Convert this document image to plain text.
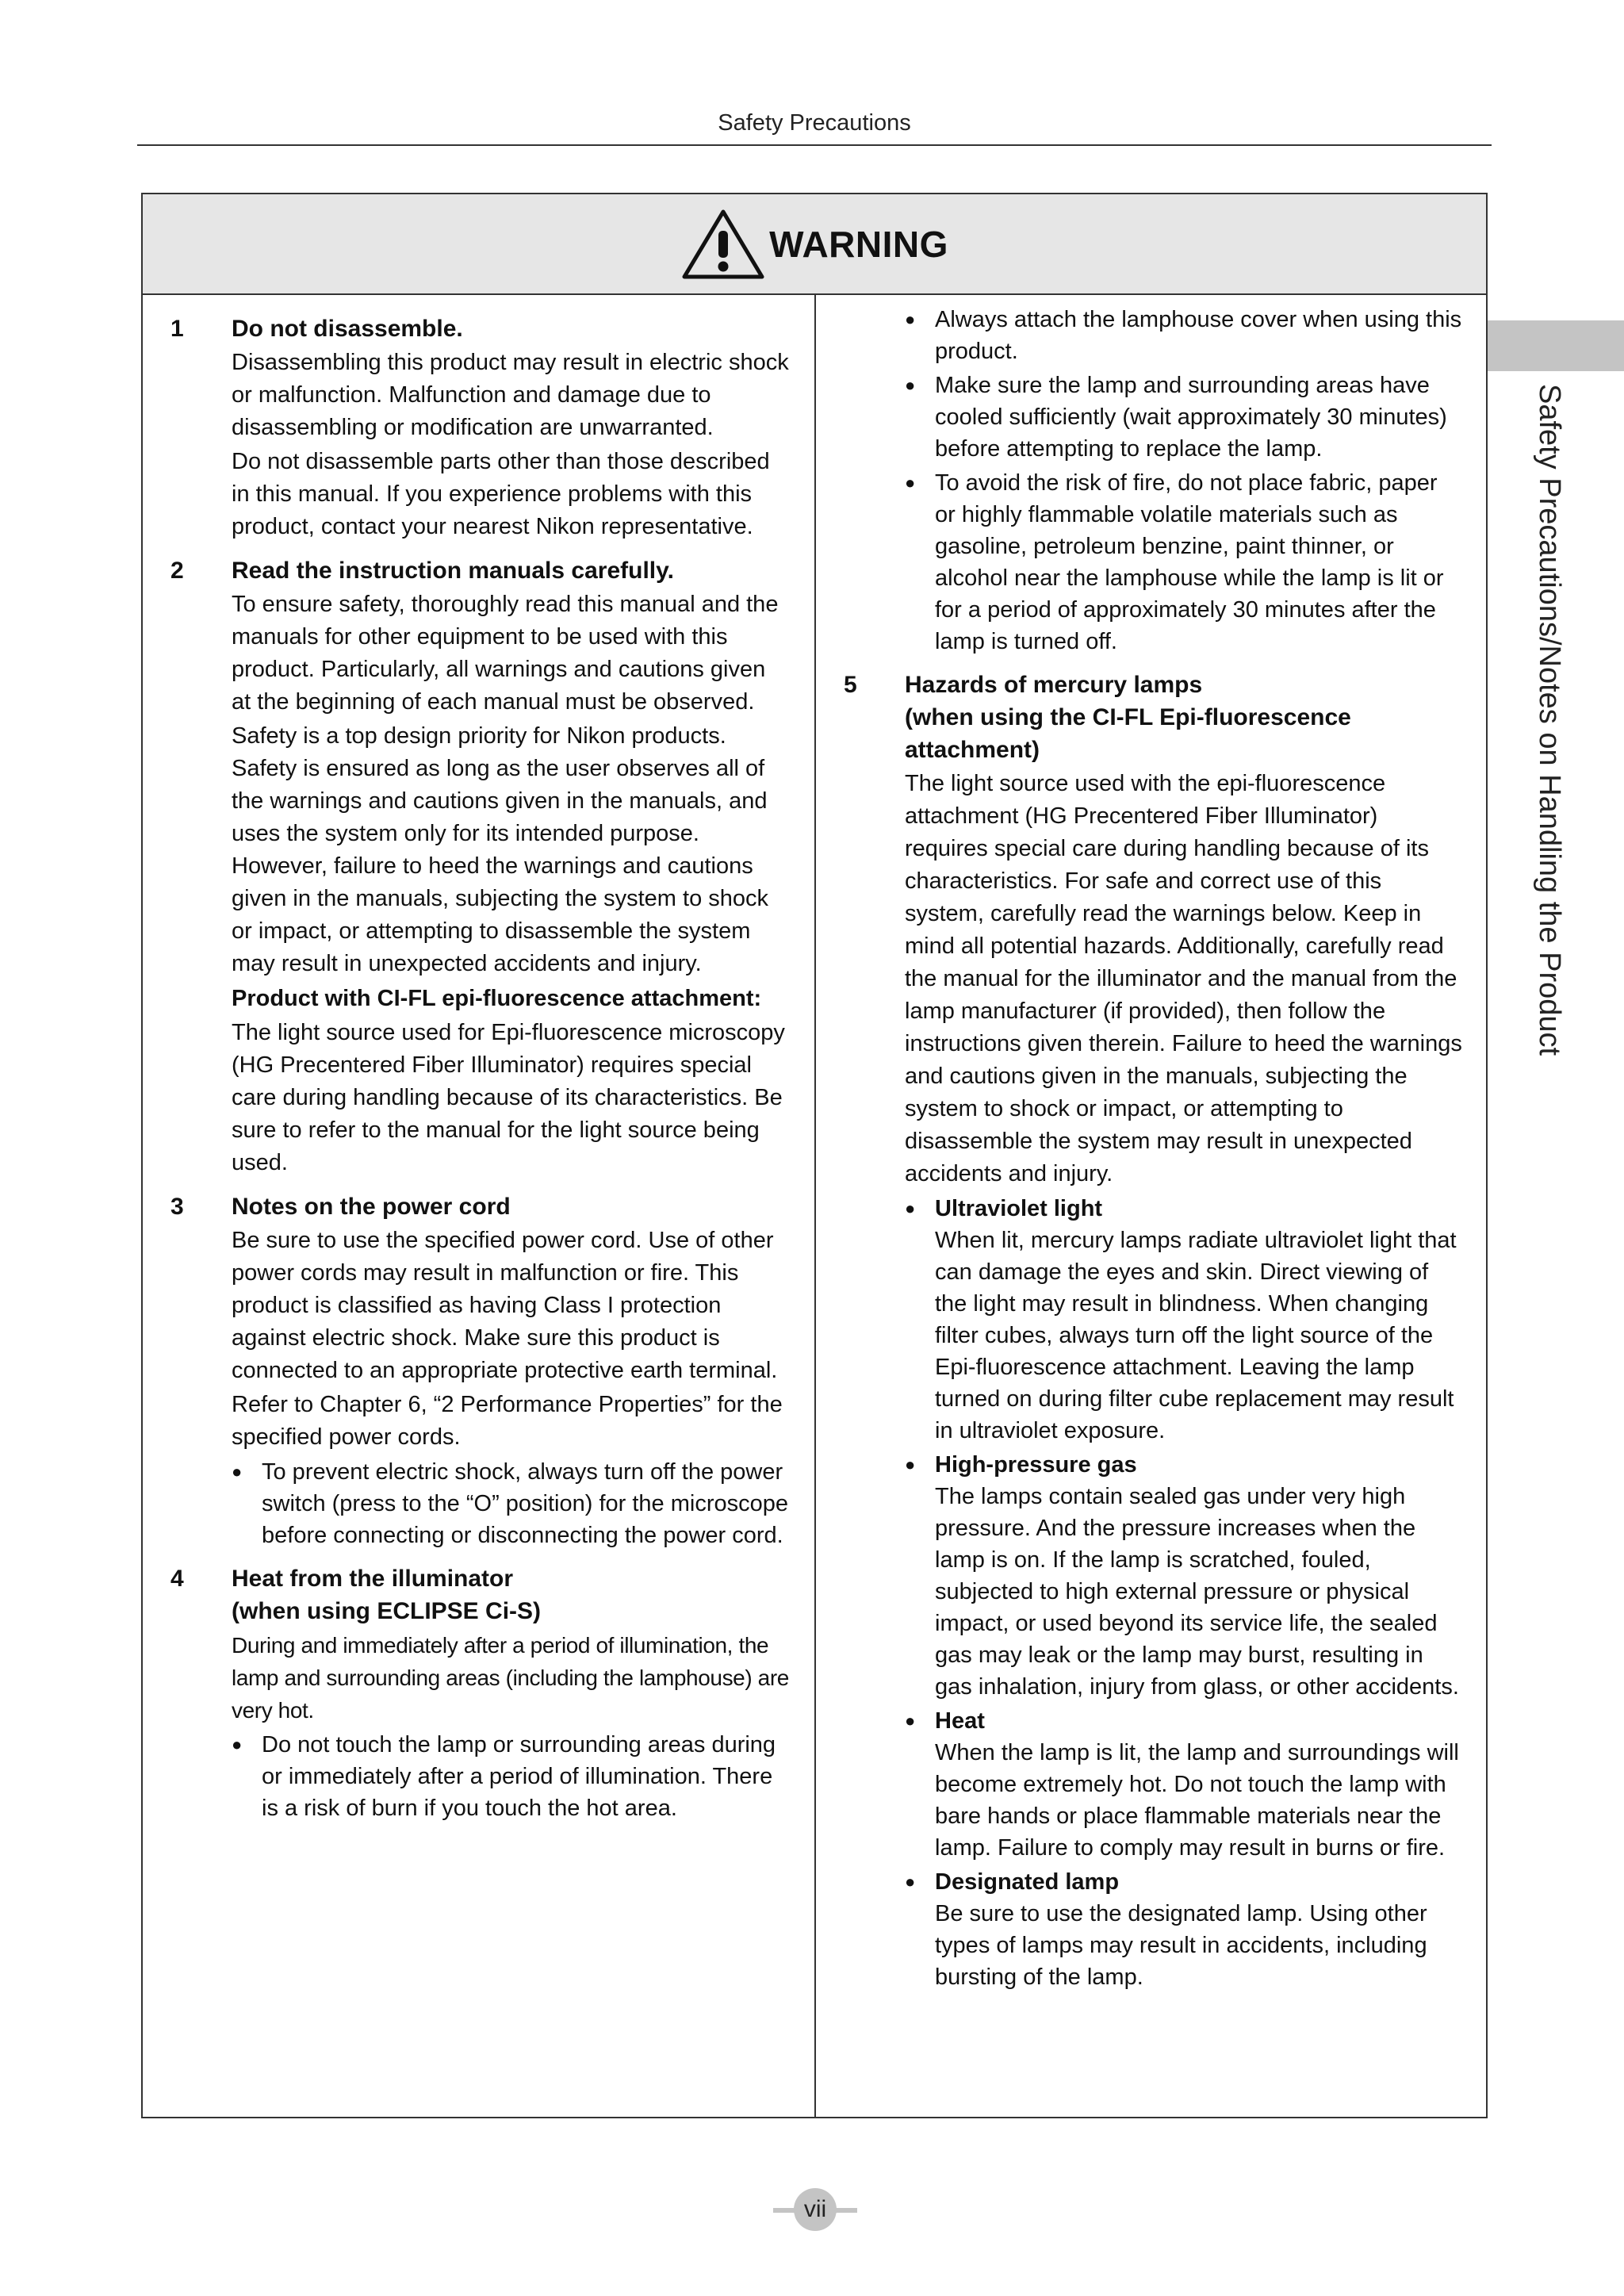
Safety Precautions
Safety Precautions/Notes on Handling the Product
WARNING
1 Do not disassemble.

Disassembling this product may result in electric shock or malfunction. Malfunction and damage due to disassembling or modification are unwarranted.

Do not disassemble parts other than those described in this manual. If you experience problems with this product, contact your nearest Nikon representative.

2 Read the instruction manuals carefully.

To ensure safety, thoroughly read this manual and the manuals for other equipment to be used with this product. Particularly, all warnings and cautions given at the beginning of each manual must be observed.

Safety is a top design priority for Nikon products. Safety is ensured as long as the user observes all of the warnings and cautions given in the manuals, and uses the system only for its intended purpose. However, failure to heed the warnings and cautions given in the manuals, subjecting the system to shock or impact, or attempting to disassemble the system may result in unexpected accidents and injury.

Product with CI-FL epi-fluorescence attachment:

The light source used for Epi-fluorescence microscopy (HG Precentered Fiber Illuminator) requires special care during handling because of its characteristics. Be sure to refer to the manual for the light source being used.

3 Notes on the power cord

Be sure to use the specified power cord. Use of other power cords may result in malfunction or fire. This product is classified as having Class I protection against electric shock. Make sure this product is connected to an appropriate protective earth terminal.

Refer to Chapter 6, “2 Performance Properties” for the specified power cords.

● To prevent electric shock, always turn off the power switch (press to the “O” position) for the microscope before connecting or disconnecting the power cord.
4 Heat from the illuminator
(when using ECLIPSE Ci-S)

During and immediately after a period of illumination, the lamp and surrounding areas (including the lamphouse) are very hot.

● Do not touch the lamp or surrounding areas during or immediately after a period of illumination. There is a risk of burn if you touch the hot area.
● Always attach the lamphouse cover when using this product.
● Make sure the lamp and surrounding areas have cooled sufficiently (wait approximately 30 minutes) before attempting to replace the lamp.
● To avoid the risk of fire, do not place fabric, paper or highly flammable volatile materials such as gasoline, petroleum benzine, paint thinner, or alcohol near the lamphouse while the lamp is lit or for a period of approximately 30 minutes after the lamp is turned off.
5 Hazards of mercury lamps
(when using the CI-FL Epi-fluorescence attachment)

The light source used with the epi-fluorescence attachment (HG Precentered Fiber Illuminator) requires special care during handling because of its characteristics. For safe and correct use of this system, carefully read the warnings below. Keep in mind all potential hazards. Additionally, carefully read the manual for the illuminator and the manual from the lamp manufacturer (if provided), then follow the instructions given therein. Failure to heed the warnings and cautions given in the manuals, subjecting the system to shock or impact, or attempting to disassemble the system may result in unexpected accidents and injury.

● Ultraviolet light
When lit, mercury lamps radiate ultraviolet light that can damage the eyes and skin. Direct viewing of the light may result in blindness. When changing filter cubes, always turn off the light source of the Epi-fluorescence attachment. Leaving the lamp turned on during filter cube replacement may result in ultraviolet exposure.
● High-pressure gas
The lamps contain sealed gas under very high pressure. And the pressure increases when the lamp is on. If the lamp is scratched, fouled, subjected to high external pressure or physical impact, or used beyond its service life, the sealed gas may leak or the lamp may burst, resulting in gas inhalation, injury from glass, or other accidents.
● Heat
When the lamp is lit, the lamp and surroundings will become extremely hot. Do not touch the lamp with bare hands or place flammable materials near the lamp. Failure to comply may result in burns or fire.
● Designated lamp
Be sure to use the designated lamp. Using other types of lamps may result in accidents, including bursting of the lamp.
vii
